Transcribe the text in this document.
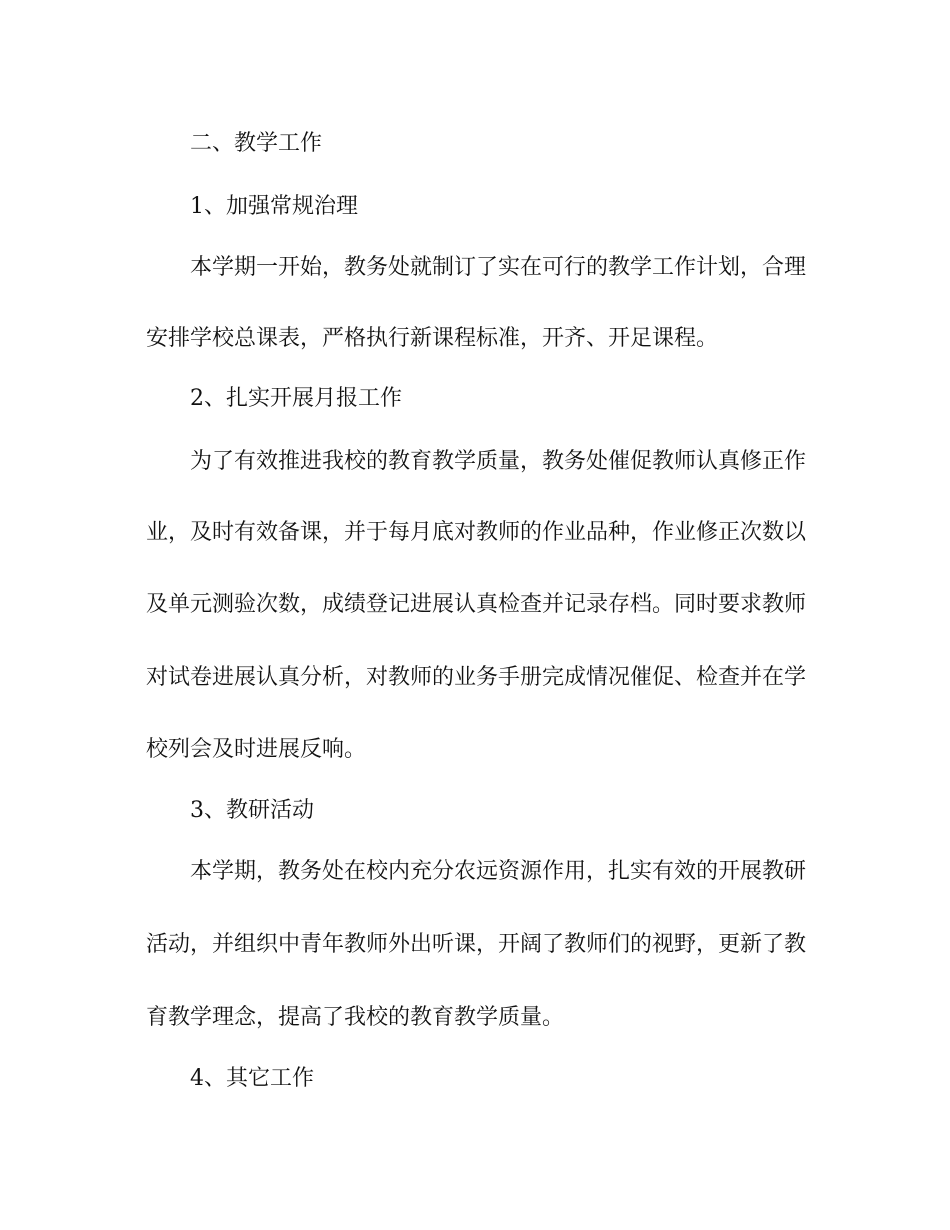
二、教学工作

1、加强常规治理

本学期一开始，教务处就制订了实在可行的教学工作计划，合理

安排学校总课表，严格执行新课程标准，开齐、开足课程。

2、扎实开展月报工作

为了有效推进我校的教育教学质量，教务处催促教师认真修正作

业，及时有效备课，并于每月底对教师的作业品种，作业修正次数以

及单元测验次数，成绩登记进展认真检查并记录存档。同时要求教师

对试卷进展认真分析，对教师的业务手册完成情况催促、检查并在学

校列会及时进展反响。

3、教研活动

本学期，教务处在校内充分农远资源作用，扎实有效的开展教研

活动，并组织中青年教师外出听课，开阔了教师们的视野，更新了教

育教学理念，提高了我校的教育教学质量。

4、其它工作
